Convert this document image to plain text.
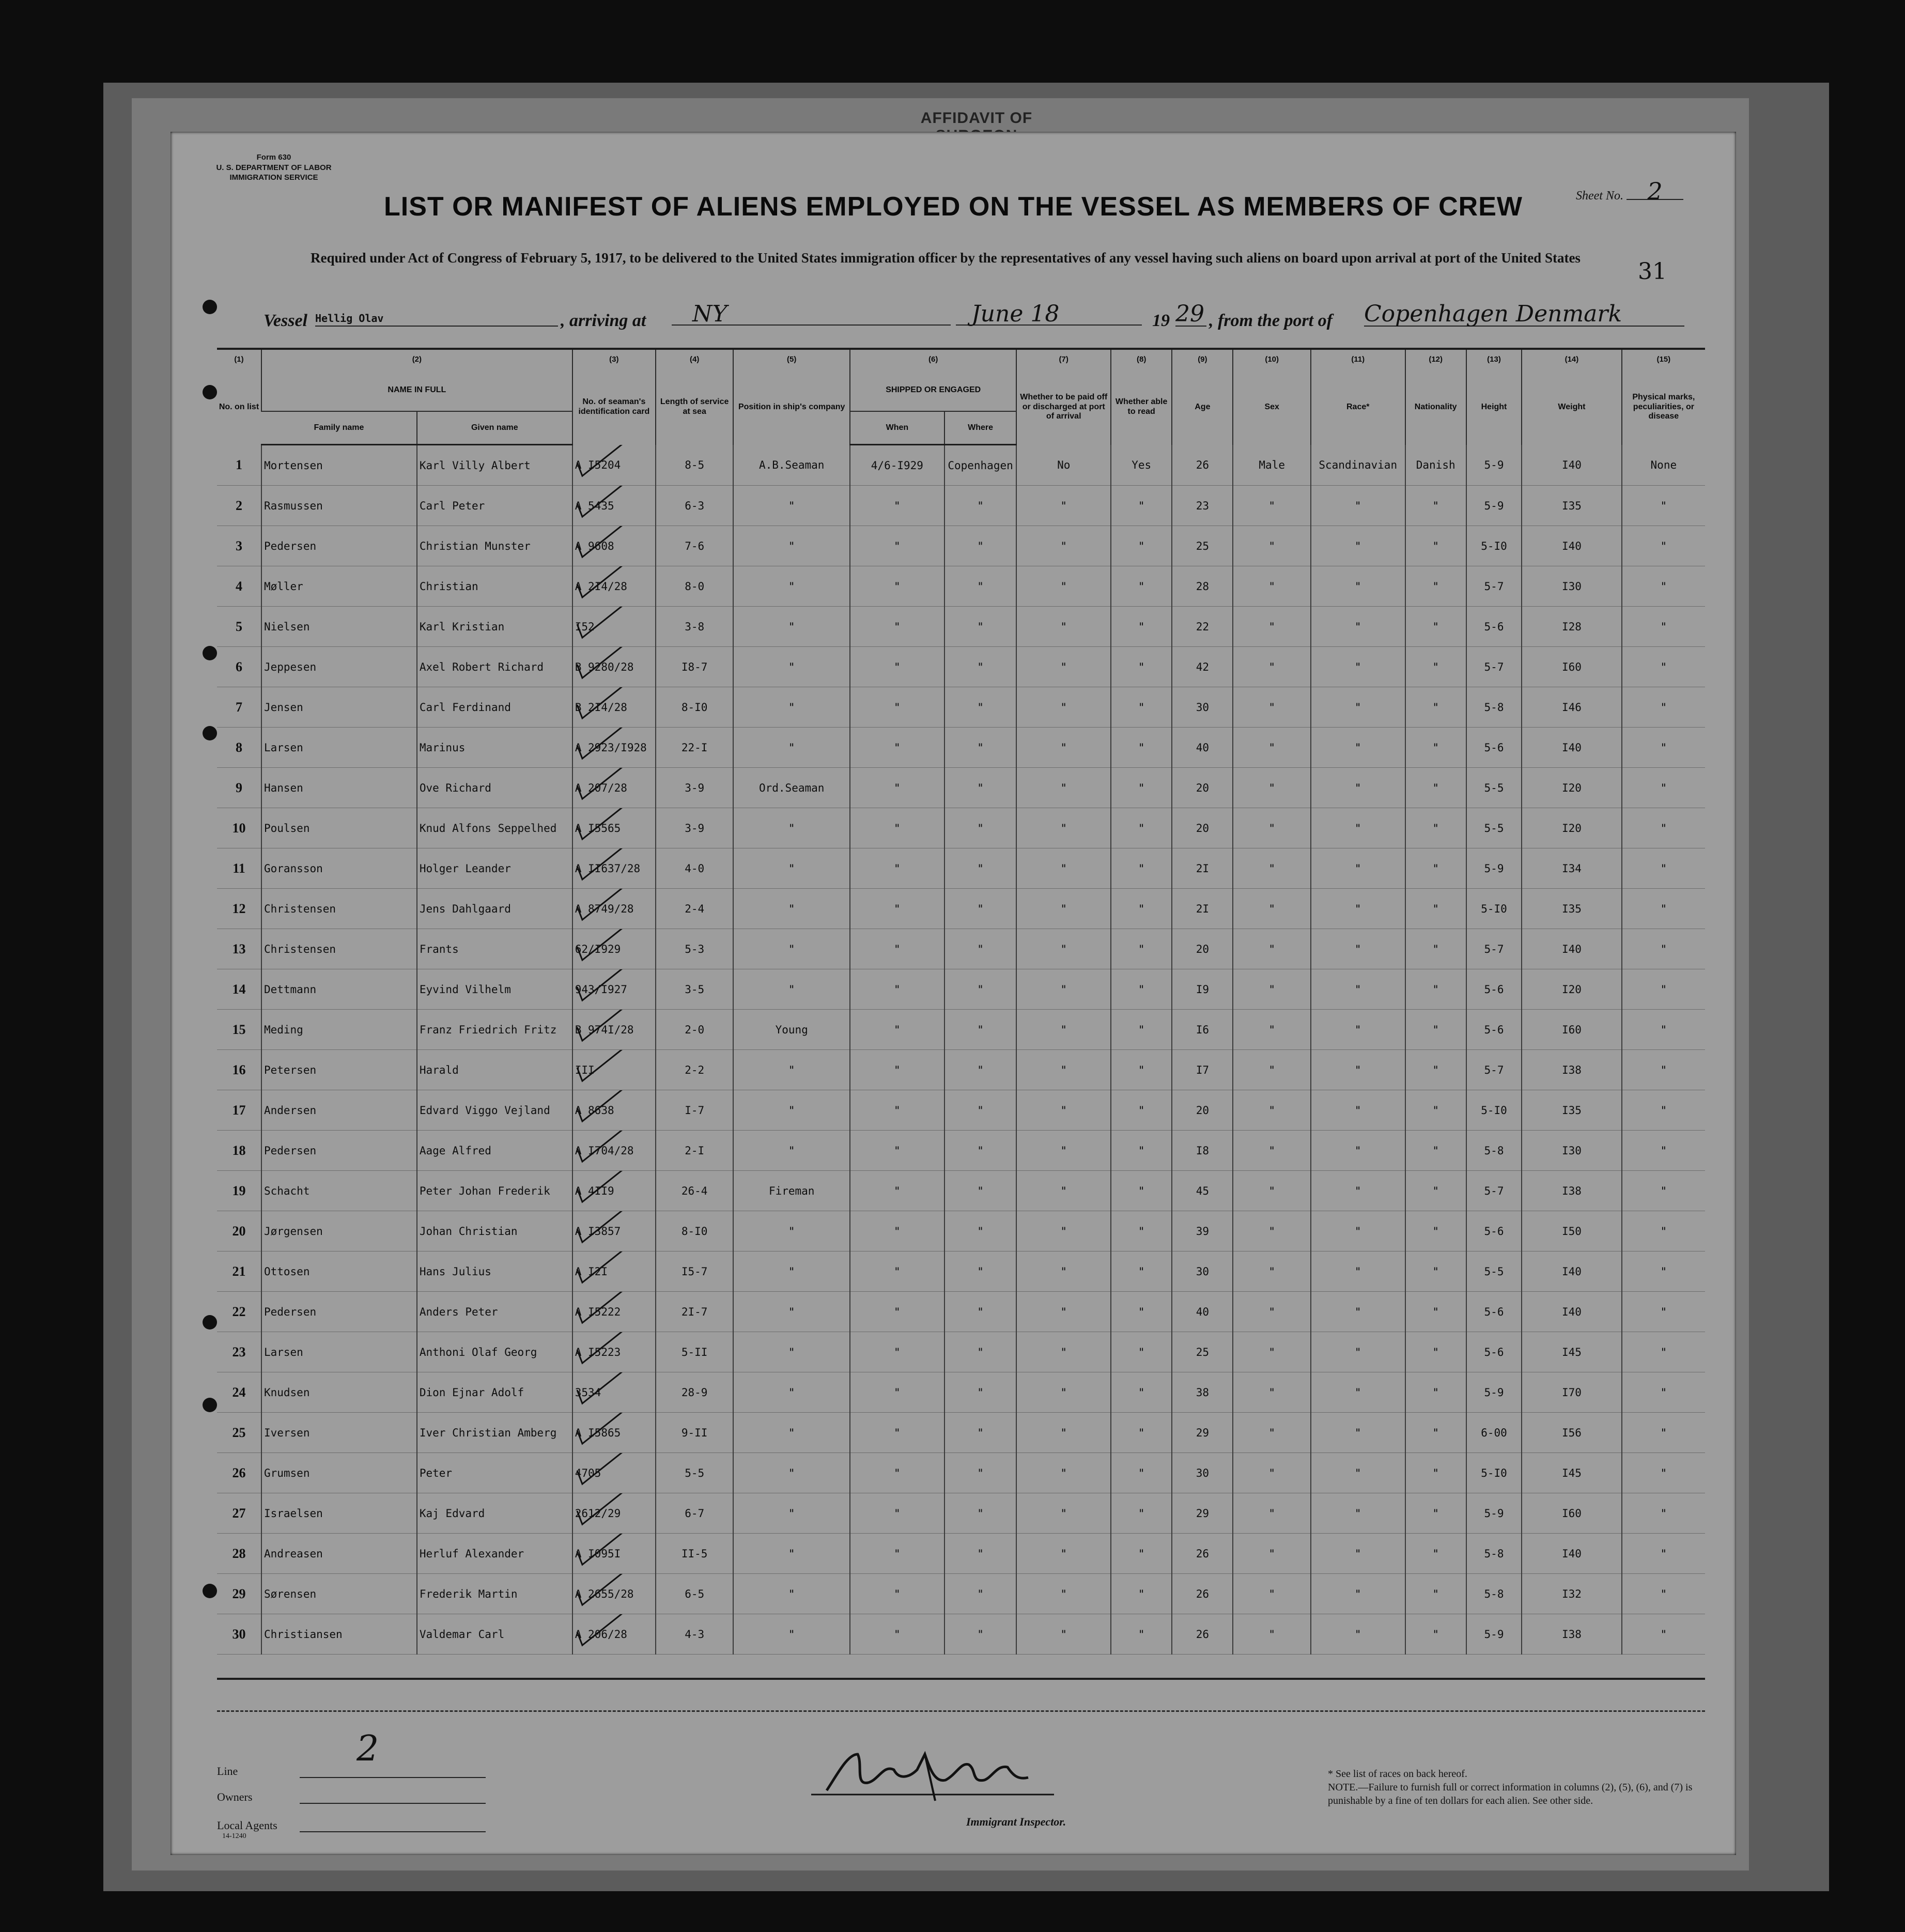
AFFIDAVIT OF
Form 630
U. S. DEPARTMENT OF LABOR
IMMIGRATION SERVICE
Sheet No. 2
LIST OR MANIFEST OF ALIENS EMPLOYED ON THE VESSEL AS MEMBERS OF CREW
Required under Act of Congress of February 5, 1917, to be delivered to the United States immigration officer by the representatives of any vessel having such aliens on board upon arrival at port of the United States
31
Vessel Hellig Olav	, arriving at	NY	June 18	19 29 , from the port of Copenhagen Denmark
(1)	(2)		(3)	(4)	(5)	(6)		(7)	(8)	(9)	(10)	(11)	(12)	(13)	(14)	(15)
No. on list	NAME IN FULL		No. of seaman's identification card	Length of service at sea	Position in ship's company	SHIPPED OR ENGAGED		Whether to be paid off or discharged at port of arrival	Whether able to read	Age	Sex	Race*	Nationality	Height	Weight	Physical marks, peculiarities, or disease
	Family name	Given name				When	Where									
1	Mortensen	Karl Villy Albert	A I5204	8-5	A.B.Seaman	4/6-I929	Copenhagen	No	Yes	26	Male	Scandinavian	Danish	5-9	I40	None
2	Rasmussen	Carl Peter	A 5435	6-3	"	"	"	"	"	23	"	"	"	5-9	I35	"
3	Pedersen	Christian Munster	A 9608	7-6	"	"	"	"	"	25	"	"	"	5-I0	I40	"
4	Møller	Christian	A 2I4/28	8-0	"	"	"	"	"	28	"	"	"	5-7	I30	"
5	Nielsen	Karl Kristian	I52	3-8	"	"	"	"	"	22	"	"	"	5-6	I28	"
6	Jeppesen	Axel Robert Richard	B 9280/28	I8-7	"	"	"	"	"	42	"	"	"	5-7	I60	"
7	Jensen	Carl Ferdinand	B 2I4/28	8-I0	"	"	"	"	"	30	"	"	"	5-8	I46	"
8	Larsen	Marinus	A 2923/I928	22-I	"	"	"	"	"	40	"	"	"	5-6	I40	"
9	Hansen	Ove Richard	A 207/28	3-9	Ord.Seaman	"	"	"	"	20	"	"	"	5-5	I20	"
10	Poulsen	Knud Alfons Seppelhed	A I5565	3-9	"	"	"	"	"	20	"	"	"	5-5	I20	"
11	Goransson	Holger Leander	A II637/28	4-0	"	"	"	"	"	2I	"	"	"	5-9	I34	"
12	Christensen	Jens Dahlgaard	A 8749/28	2-4	"	"	"	"	"	2I	"	"	"	5-I0	I35	"
13	Christensen	Frants	62/I929	5-3	"	"	"	"	"	20	"	"	"	5-7	I40	"
14	Dettmann	Eyvind Vilhelm	943/I927	3-5	"	"	"	"	"	I9	"	"	"	5-6	I20	"
15	Meding	Franz Friedrich Fritz	B 974I/28	2-0	Young	"	"	"	"	I6	"	"	"	5-6	I60	"
16	Petersen	Harald	III	2-2	"	"	"	"	"	I7	"	"	"	5-7	I38	"
17	Andersen	Edvard Viggo Vejland	A 8638	I-7	"	"	"	"	"	20	"	"	"	5-I0	I35	"
18	Pedersen	Aage Alfred	A I704/28	2-I	"	"	"	"	"	I8	"	"	"	5-8	I30	"
19	Schacht	Peter Johan Frederik	A 4II9	26-4	Fireman	"	"	"	"	45	"	"	"	5-7	I38	"
20	Jørgensen	Johan Christian	A I3857	8-I0	"	"	"	"	"	39	"	"	"	5-6	I50	"
21	Ottosen	Hans Julius	A I2I	I5-7	"	"	"	"	"	30	"	"	"	5-5	I40	"
22	Pedersen	Anders Peter	A I5222	2I-7	"	"	"	"	"	40	"	"	"	5-6	I40	"
23	Larsen	Anthoni Olaf Georg	A I5223	5-II	"	"	"	"	"	25	"	"	"	5-6	I45	"
24	Knudsen	Dion Ejnar Adolf	3534	28-9	"	"	"	"	"	38	"	"	"	5-9	I70	"
25	Iversen	Iver Christian Amberg	A I5865	9-II	"	"	"	"	"	29	"	"	"	6-00	I56	"
26	Grumsen	Peter	4705	5-5	"	"	"	"	"	30	"	"	"	5-I0	I45	"
27	Israelsen	Kaj Edvard	2612/29	6-7	"	"	"	"	"	29	"	"	"	5-9	I60	"
28	Andreasen	Herluf Alexander	A I095I	II-5	"	"	"	"	"	26	"	"	"	5-8	I40	"
29	Sørensen	Frederik Martin	A 2655/28	6-5	"	"	"	"	"	26	"	"	"	5-8	I32	"
30	Christiansen	Valdemar Carl	A 206/28	4-3	"	"	"	"	"	26	"	"	"	5-9	I38	"
Line
2
Owners
Local Agents
14-1240
Immigrant Inspector.
* See list of races on back hereof.
NOTE.—Failure to furnish full or correct information in columns (2), (5), (6), and (7) is punishable by a fine of ten dollars for each alien. See other side.
